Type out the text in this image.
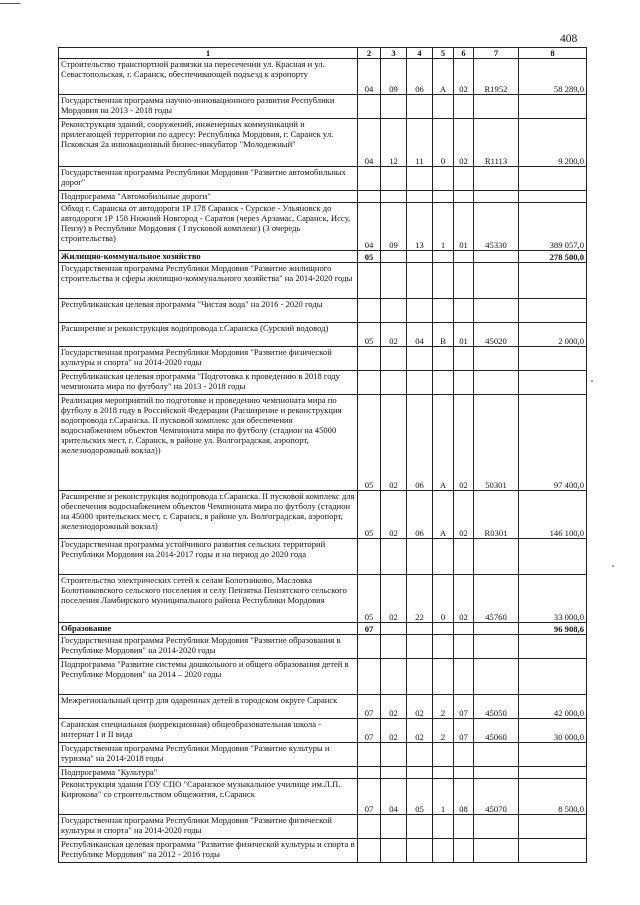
408
1	2	3	4	5	6	7	8
Строительство транспортной развязки на пересечении ул. Красная и ул. Севастопольская, г. Саранск, обеспечивающей подъезд к аэропорту	04	09	06	А	02	R1952	58 289,0
Государственная программа научно-инновационного развития Республики Мордовия на 2013 - 2018 годы							
Реконструкция зданий, сооружений, инженерных коммуникаций и прилегающей территории по адресу: Республика Мордовия, г. Саранск ул. Псковская 2а инновационный бизнес-инкубатор "Молодежный"	04	12	11	0	02	R1113	9 200,0
Государственная программа Республики Мордовия "Развитие автомобильных дорог"							
Подпрограмма "Автомобильные дороги"							
Обход г. Саранска от автодороги 1Р 178 Саранск - Сурское - Ульяновск до автодороги 1Р 158 Нижний Новгород - Саратов (через Арзамас, Саранск, Иссу, Пензу) в Республике Мордовия ( I пусковой комплекс) (3 очередь строительства)	04	09	13	1	01	45330	389 057,0
Жилищно-коммунальное хозяйство	05						278 500,0
Государственная программа Республики Мордовия "Развитие жилищного строительства и сферы жилищно-коммунального хозяйства" на 2014-2020 годы							
Республиканская целевая программа "Чистая вода" на 2016 - 2020 годы							
Расширение и реконструкция водопровода г.Саранска (Сурский водовод)	05	02	04	В	01	45020	2 000,0
Государственная программа Республики Мордовия "Развитие физической культуры и спорта" на 2014-2020 годы							
Республиканская целевая программа "Подготовка к проведению в 2018 году чемпионата мира по футболу" на 2013 - 2018 годы							
Реализация мероприятий по подготовке и проведению чемпионата мира по футболу в 2018 году в Российской Федерации (Расширение и реконструкция водопровода г.Саранска. II пусковой комплекс для обеспечения водоснабжением объектов Чемпионата мира по футболу (стадион на 45000 зрительских мест, г. Саранск, в районе ул. Волгоградская, аэропорт, железнодорожный вокзал))	05	02	06	А	02	50301	97 400,0
Расширение и реконструкция водопровода г.Саранска. II пусковой комплекс для обеспечения водоснабжением объектов Чемпионата мира по футболу (стадион на 45000 зрительских мест, г. Саранск, в районе ул. Волгоградская, аэропорт, железнодорожный вокзал)	05	02	06	А	02	R0301	146 100,0
Государственная программа устойчивого развития сельских территорий Республики Мордовия на 2014-2017 годы и на период до 2020 года							
Строительство электрических сетей к селам Болотниково, Масловка Болотниковского сельского поселения и селу Пензятка Пензятского сельского поселения Ламбирского муниципального района Республики Мордовия	05	02	22	0	02	45760	33 000,0
Образование	07						96 908,6
Государственная программа Республики Мордовия "Развитие образования в Республике Мордовия" на 2014-2020 годы							
Подпрограмма "Развитие системы дошкольного и общего образования детей в Республике Мордовия" на 2014 – 2020 годы							
Межрегиональный центр для одаренных детей в городском округе Саранск	07	02	02	2	07	45050	42 000,0
Саранская специальная (коррекционная) общеобразовательная школа - интернат I и II вида	07	02	02	2	07	45060	30 000,0
Государственная программа Республики Мордовия "Развитие культуры и туризма" на 2014-2018 годы							
Подпрограмма "Культура"							
Реконструкция здания ГОУ СПО "Саранское музыкальное училище им.Л.П. Кирюкова" со строительством общежития, г.Саранск	07	04	05	1	08	45070	8 500,0
Государственная программа Республики Мордовия "Развитие физической культуры и спорта" на 2014-2020 годы							
Республиканская целевая программа "Развитие физической культуры и спорта в Республике Мордовия" на 2012 - 2016 годы							
